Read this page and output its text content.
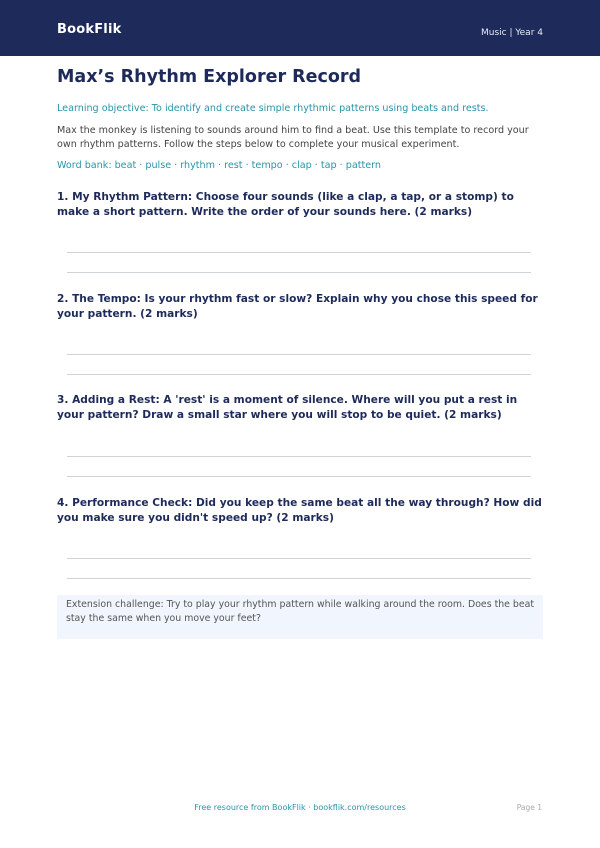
BookFlik	Music | Year 4
Max’s Rhythm Explorer Record
Learning objective: To identify and create simple rhythmic patterns using beats and rests.
Max the monkey is listening to sounds around him to find a beat. Use this template to record your own rhythm patterns. Follow the steps below to complete your musical experiment.
Word bank: beat · pulse · rhythm · rest · tempo · clap · tap · pattern
1. My Rhythm Pattern: Choose four sounds (like a clap, a tap, or a stomp) to make a short pattern. Write the order of your sounds here. (2 marks)
2. The Tempo: Is your rhythm fast or slow? Explain why you chose this speed for your pattern. (2 marks)
3. Adding a Rest: A 'rest' is a moment of silence. Where will you put a rest in your pattern? Draw a small star where you will stop to be quiet. (2 marks)
4. Performance Check: Did you keep the same beat all the way through? How did you make sure you didn't speed up? (2 marks)
Extension challenge: Try to play your rhythm pattern while walking around the room. Does the beat stay the same when you move your feet?
Free resource from BookFlik · bookflik.com/resources	Page 1
